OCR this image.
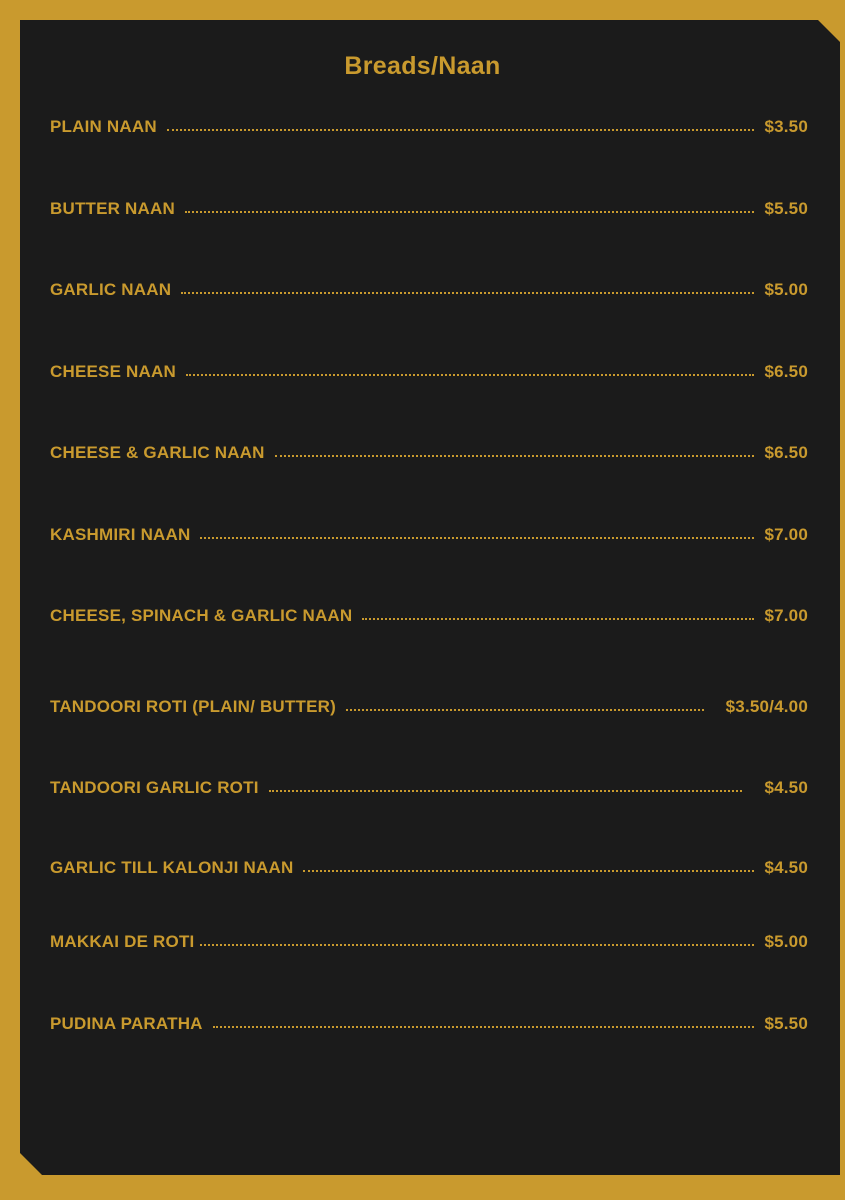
Breads/Naan
PLAIN NAAN	$3.50
BUTTER NAAN	$5.50
GARLIC NAAN	$5.00
CHEESE NAAN	$6.50
CHEESE & GARLIC NAAN	$6.50
KASHMIRI NAAN	$7.00
CHEESE, SPINACH & GARLIC NAAN	$7.00
TANDOORI ROTI (PLAIN/ BUTTER)	$3.50/4.00
TANDOORI GARLIC ROTI	$4.50
GARLIC TILL KALONJI NAAN	$4.50
MAKKAI DE ROTI	$5.00
PUDINA PARATHA	$5.50
